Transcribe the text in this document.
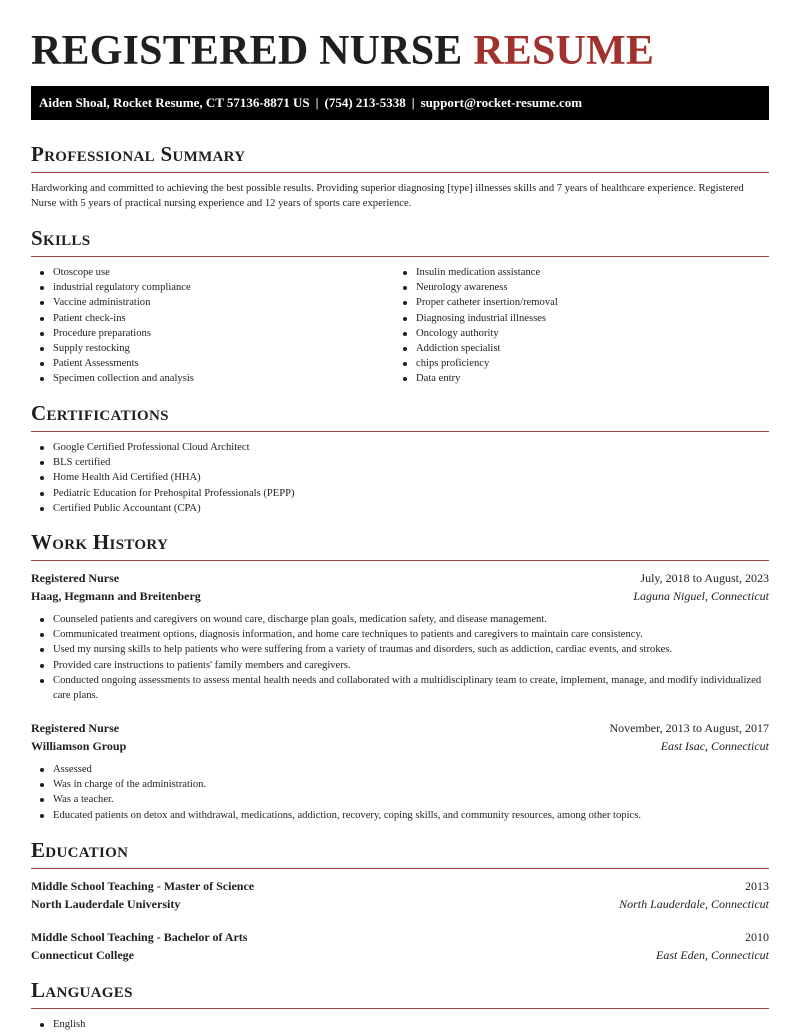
REGISTERED NURSE RESUME
Aiden Shoal, Rocket Resume, CT 57136-8871 US | (754) 213-5338 | support@rocket-resume.com
Professional Summary

Hardworking and committed to achieving the best possible results. Providing superior diagnosing [type] illnesses skills and 7 years of healthcare experience. Registered Nurse with 5 years of practical nursing experience and 12 years of sports care experience.

Skills
Otoscope use
industrial regulatory compliance
Vaccine administration
Patient check-ins
Procedure preparations
Supply restocking
Patient Assessments
Specimen collection and analysis
Insulin medication assistance
Neurology awareness
Proper catheter insertion/removal
Diagnosing industrial illnesses
Oncology authority
Addiction specialist
chips proficiency
Data entry
Certifications
Google Certified Professional Cloud Architect
BLS certified
Home Health Aid Certified (HHA)
Pediatric Education for Prehospital Professionals (PEPP)
Certified Public Accountant (CPA)
Work History
Registered Nurse	July, 2018 to August, 2023
Haag, Hegmann and Breitenberg	Laguna Niguel, Connecticut
Counseled patients and caregivers on wound care, discharge plan goals, medication safety, and disease management.
Communicated treatment options, diagnosis information, and home care techniques to patients and caregivers to maintain care consistency.
Used my nursing skills to help patients who were suffering from a variety of traumas and disorders, such as addiction, cardiac events, and strokes.
Provided care instructions to patients' family members and caregivers.
Conducted ongoing assessments to assess mental health needs and collaborated with a multidisciplinary team to create, implement, manage, and modify individualized care plans.
Registered Nurse	November, 2013 to August, 2017
Williamson Group	East Isac, Connecticut
Assessed
Was in charge of the administration.
Was a teacher.
Educated patients on detox and withdrawal, medications, addiction, recovery, coping skills, and community resources, among other topics.
Education
Middle School Teaching - Master of Science	2013
North Lauderdale University	North Lauderdale, Connecticut
Middle School Teaching - Bachelor of Arts	2010
Connecticut College	East Eden, Connecticut
Languages
English
